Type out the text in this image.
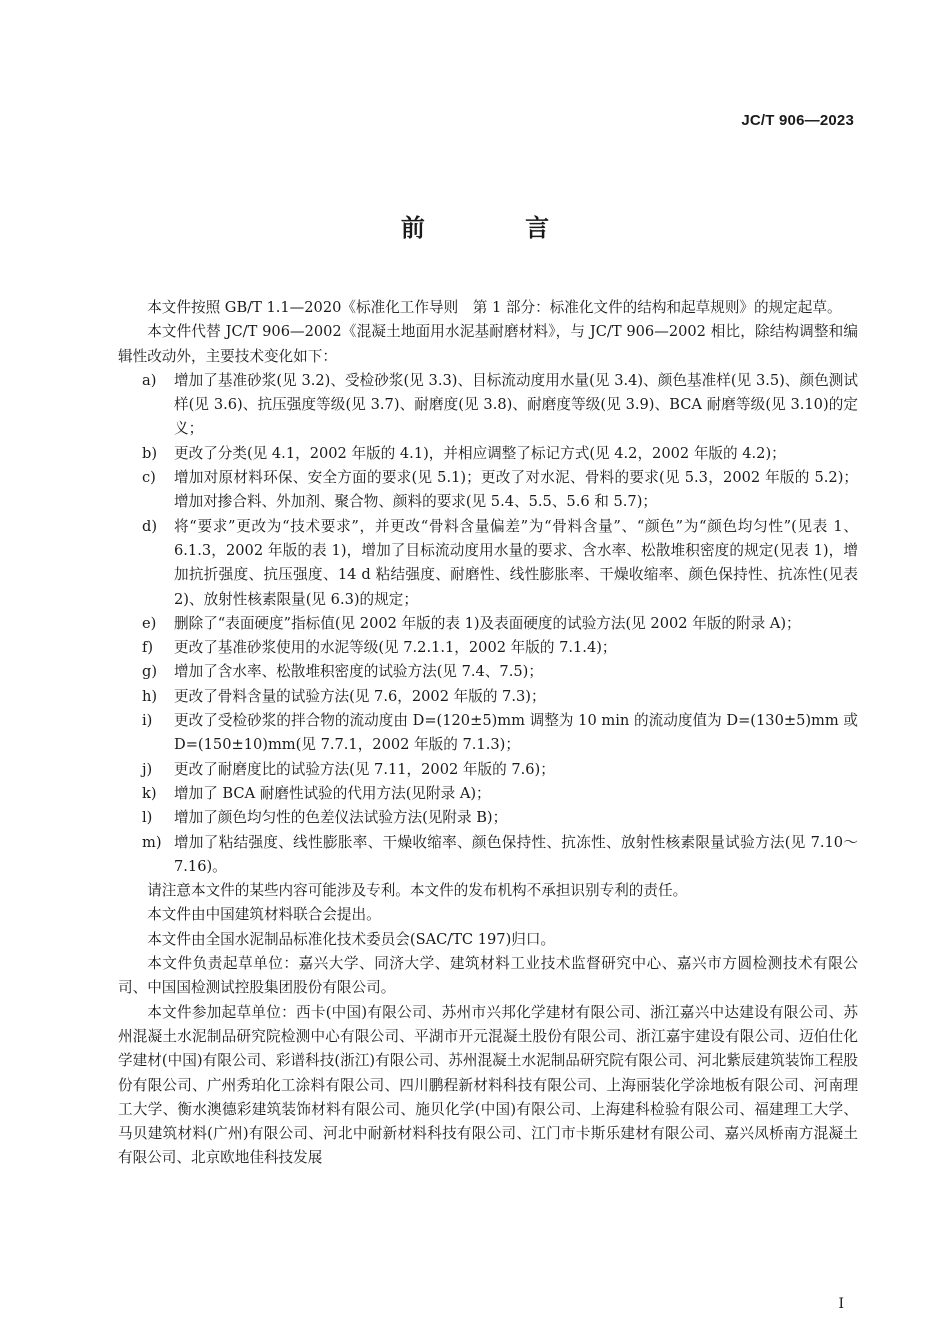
JC/T 906—2023
前 言

本文件按照 GB/T 1.1—2020《标准化工作导则　第 1 部分：标准化文件的结构和起草规则》的规定起草。

本文件代替 JC/T 906—2002《混凝土地面用水泥基耐磨材料》，与 JC/T 906—2002 相比，除结构调整和编辑性改动外，主要技术变化如下：

a) 增加了基准砂浆(见 3.2)、受检砂浆(见 3.3)、目标流动度用水量(见 3.4)、颜色基准样(见 3.5)、颜色测试样(见 3.6)、抗压强度等级(见 3.7)、耐磨度(见 3.8)、耐磨度等级(见 3.9)、BCA 耐磨等级(见 3.10)的定义；
b) 更改了分类(见 4.1，2002 年版的 4.1)，并相应调整了标记方式(见 4.2，2002 年版的 4.2)；
c) 增加对原材料环保、安全方面的要求(见 5.1)；更改了对水泥、骨料的要求(见 5.3，2002 年版的 5.2)；增加对掺合料、外加剂、聚合物、颜料的要求(见 5.4、5.5、5.6 和 5.7)；
d) 将“要求”更改为“技术要求”，并更改“骨料含量偏差”为“骨料含量”、“颜色”为“颜色均匀性”(见表 1、6.1.3，2002 年版的表 1)，增加了目标流动度用水量的要求、含水率、松散堆积密度的规定(见表 1)，增加抗折强度、抗压强度、14 d 粘结强度、耐磨性、线性膨胀率、干燥收缩率、颜色保持性、抗冻性(见表 2)、放射性核素限量(见 6.3)的规定；
e) 删除了“表面硬度”指标值(见 2002 年版的表 1)及表面硬度的试验方法(见 2002 年版的附录 A)；
f) 更改了基准砂浆使用的水泥等级(见 7.2.1.1，2002 年版的 7.1.4)；
g) 增加了含水率、松散堆积密度的试验方法(见 7.4、7.5)；
h) 更改了骨料含量的试验方法(见 7.6，2002 年版的 7.3)；
i) 更改了受检砂浆的拌合物的流动度由 D=(120±5)mm 调整为 10 min 的流动度值为 D=(130±5)mm 或 D=(150±10)mm(见 7.7.1，2002 年版的 7.1.3)；
j) 更改了耐磨度比的试验方法(见 7.11，2002 年版的 7.6)；
k) 增加了 BCA 耐磨性试验的代用方法(见附录 A)；
l) 增加了颜色均匀性的色差仪法试验方法(见附录 B)；
m) 增加了粘结强度、线性膨胀率、干燥收缩率、颜色保持性、抗冻性、放射性核素限量试验方法(见 7.10～7.16)。

请注意本文件的某些内容可能涉及专利。本文件的发布机构不承担识别专利的责任。

本文件由中国建筑材料联合会提出。

本文件由全国水泥制品标准化技术委员会(SAC/TC 197)归口。

本文件负责起草单位：嘉兴大学、同济大学、建筑材料工业技术监督研究中心、嘉兴市方圆检测技术有限公司、中国国检测试控股集团股份有限公司。

本文件参加起草单位：西卡(中国)有限公司、苏州市兴邦化学建材有限公司、浙江嘉兴中达建设有限公司、苏州混凝土水泥制品研究院检测中心有限公司、平湖市开元混凝土股份有限公司、浙江嘉宇建设有限公司、迈伯仕化学建材(中国)有限公司、彩谱科技(浙江)有限公司、苏州混凝土水泥制品研究院有限公司、河北紫辰建筑装饰工程股份有限公司、广州秀珀化工涂料有限公司、四川鹏程新材料科技有限公司、上海丽装化学涂地板有限公司、河南理工大学、衡水澳德彩建筑装饰材料有限公司、施贝化学(中国)有限公司、上海建科检验有限公司、福建理工大学、马贝建筑材料(广州)有限公司、河北中耐新材料科技有限公司、江门市卡斯乐建材有限公司、嘉兴凤桥南方混凝土有限公司、北京欧地佳科技发展

I
